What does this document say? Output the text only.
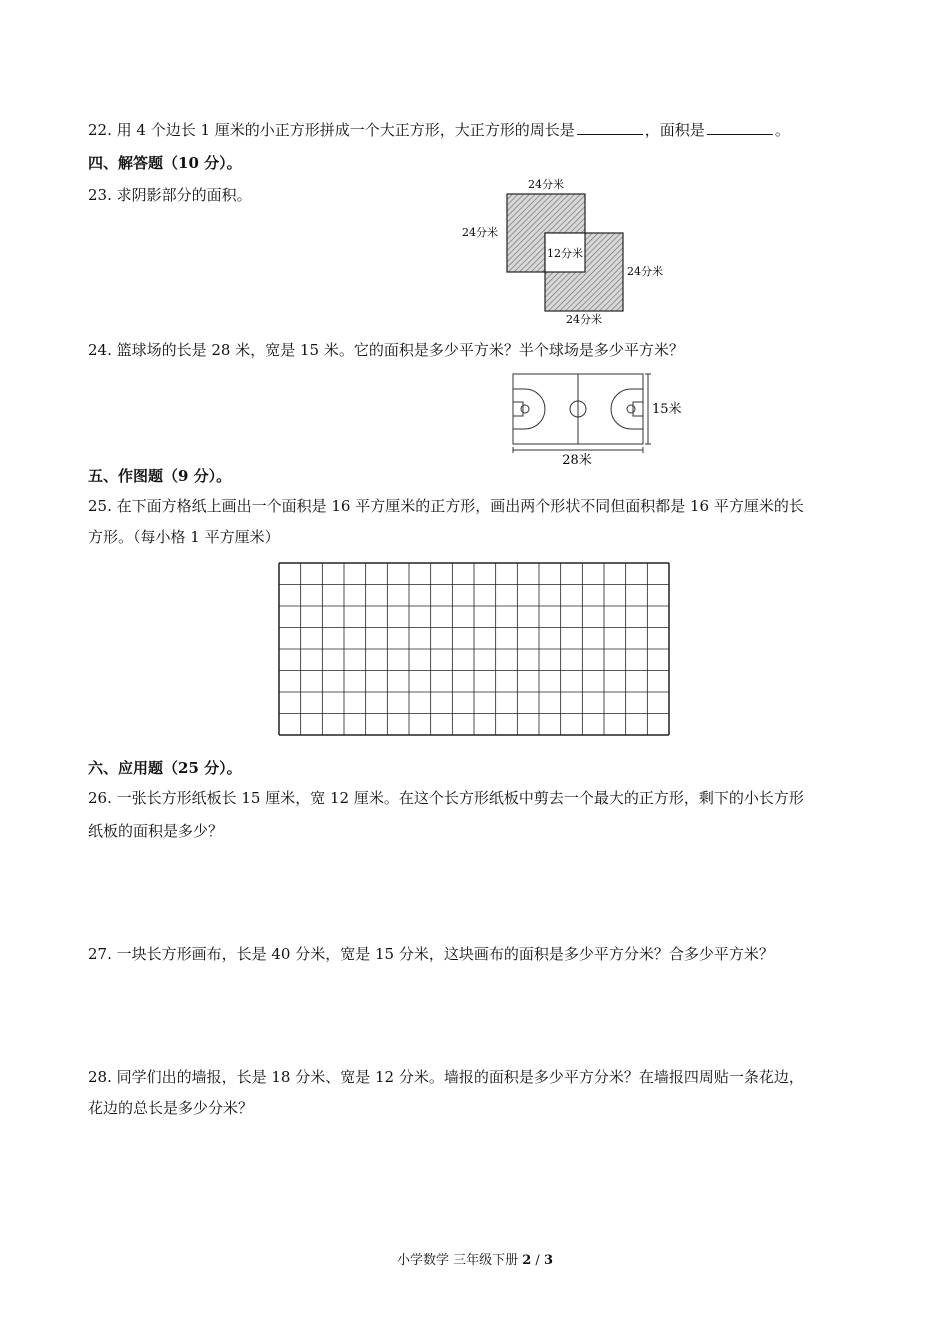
22. 用 4 个边长 1 厘米的小正方形拼成一个大正方形，大正方形的周长是	，面积是	。
四、解答题（10 分）。
23. 求阴影部分的面积。
24分米
24分米
12分米
24分米
24分米
24. 篮球场的长是 28 米，宽是 15 米。它的面积是多少平方米？半个球场是多少平方米？
15米
28米
五、作图题（9 分）。
25. 在下面方格纸上画出一个面积是 16 平方厘米的正方形，画出两个形状不同但面积都是 16 平方厘米的长
方形。（每小格 1 平方厘米）
六、应用题（25 分）。
26. 一张长方形纸板长 15 厘米，宽 12 厘米。在这个长方形纸板中剪去一个最大的正方形，剩下的小长方形
纸板的面积是多少？
27. 一块长方形画布，长是 40 分米，宽是 15 分米，这块画布的面积是多少平方分米？合多少平方米？
28. 同学们出的墙报，长是 18 分米、宽是 12 分米。墙报的面积是多少平方分米？在墙报四周贴一条花边，
花边的总长是多少分米？
小学数学 三年级下册 2 / 3
